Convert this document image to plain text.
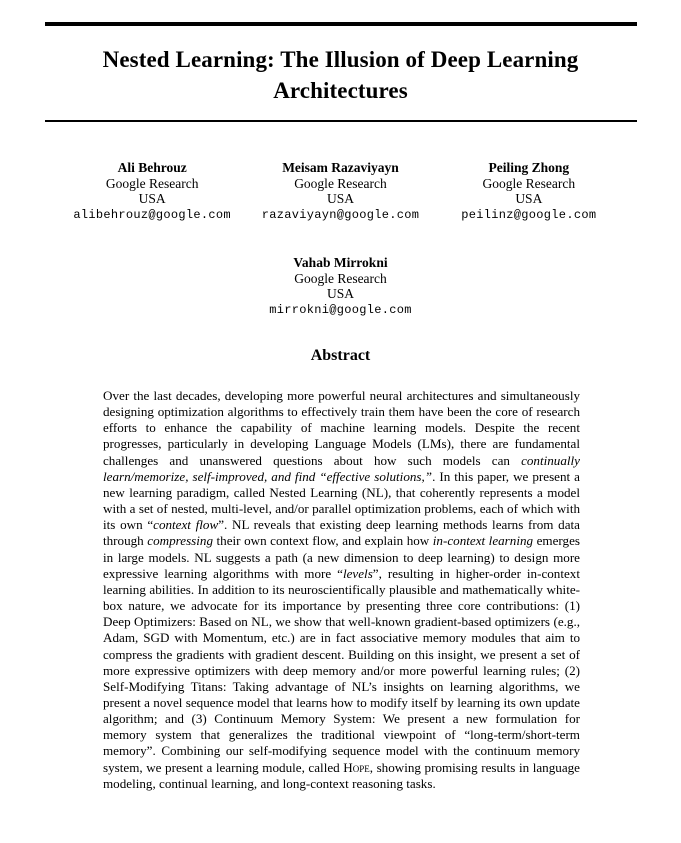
Nested Learning: The Illusion of Deep Learning Architectures
Ali Behrouz
Google Research
USA
alibehrouz@google.com
Meisam Razaviyayn
Google Research
USA
razaviyayn@google.com
Peiling Zhong
Google Research
USA
peilinz@google.com
Vahab Mirrokni
Google Research
USA
mirrokni@google.com
Abstract

Over the last decades, developing more powerful neural architectures and simultaneously designing optimization algorithms to effectively train them have been the core of research efforts to enhance the capability of machine learning models. Despite the recent progresses, particularly in developing Language Models (LMs), there are fundamental challenges and unanswered questions about how such models can continually learn/memorize, self-improved, and find “effective solutions,”. In this paper, we present a new learning paradigm, called Nested Learning (NL), that coherently represents a model with a set of nested, multi-level, and/or parallel optimization problems, each of which with its own “context flow”. NL reveals that existing deep learning methods learns from data through compressing their own context flow, and explain how in-context learning emerges in large models. NL suggests a path (a new dimension to deep learning) to design more expressive learning algorithms with more “levels”, resulting in higher-order in-context learning abilities. In addition to its neuroscientifically plausible and mathematically white-box nature, we advocate for its importance by presenting three core contributions: (1) Deep Optimizers: Based on NL, we show that well-known gradient-based optimizers (e.g., Adam, SGD with Momentum, etc.) are in fact associative memory modules that aim to compress the gradients with gradient descent. Building on this insight, we present a set of more expressive optimizers with deep memory and/or more powerful learning rules; (2) Self-Modifying Titans: Taking advantage of NL’s insights on learning algorithms, we present a novel sequence model that learns how to modify itself by learning its own update algorithm; and (3) Continuum Memory System: We present a new formulation for memory system that generalizes the traditional viewpoint of “long-term/short-term memory”. Combining our self-modifying sequence model with the continuum memory system, we present a learning module, called Hope, showing promising results in language modeling, continual learning, and long-context reasoning tasks.
